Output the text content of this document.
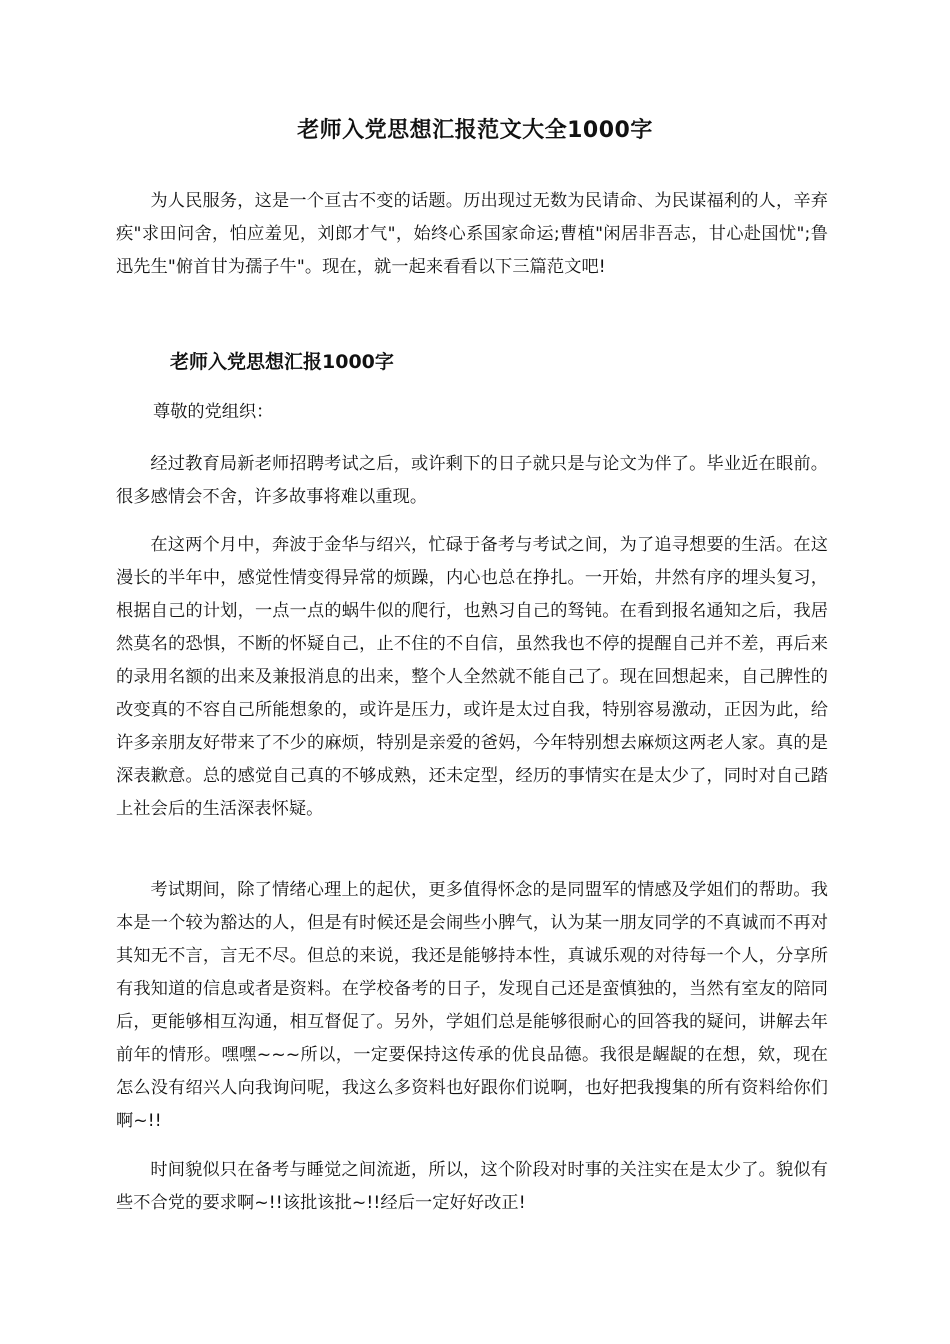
老师入党思想汇报范文大全1000字

为人民服务，这是一个亘古不变的话题。历出现过无数为民请命、为民谋福利的人，辛弃疾"求田问舍，怕应羞见，刘郎才气"，始终心系国家命运;曹植"闲居非吾志，甘心赴国忧";鲁迅先生"俯首甘为孺子牛"。现在，就一起来看看以下三篇范文吧!

老师入党思想汇报1000字

尊敬的党组织：

经过教育局新老师招聘考试之后，或许剩下的日子就只是与论文为伴了。毕业近在眼前。很多感情会不舍，许多故事将难以重现。

在这两个月中，奔波于金华与绍兴，忙碌于备考与考试之间，为了追寻想要的生活。在这漫长的半年中，感觉性情变得异常的烦躁，内心也总在挣扎。一开始，井然有序的埋头复习，根据自己的计划，一点一点的蜗牛似的爬行，也熟习自己的驽钝。在看到报名通知之后，我居然莫名的恐惧，不断的怀疑自己，止不住的不自信，虽然我也不停的提醒自己并不差，再后来的录用名额的出来及兼报消息的出来，整个人全然就不能自己了。现在回想起来，自己脾性的改变真的不容自己所能想象的，或许是压力，或许是太过自我，特别容易激动，正因为此，给许多亲朋友好带来了不少的麻烦，特别是亲爱的爸妈，今年特别想去麻烦这两老人家。真的是深表歉意。总的感觉自己真的不够成熟，还未定型，经历的事情实在是太少了，同时对自己踏上社会后的生活深表怀疑。

考试期间，除了情绪心理上的起伏，更多值得怀念的是同盟军的情感及学姐们的帮助。我本是一个较为豁达的人，但是有时候还是会闹些小脾气，认为某一朋友同学的不真诚而不再对其知无不言，言无不尽。但总的来说，我还是能够持本性，真诚乐观的对待每一个人，分享所有我知道的信息或者是资料。在学校备考的日子，发现自己还是蛮慎独的，当然有室友的陪同后，更能够相互沟通，相互督促了。另外，学姐们总是能够很耐心的回答我的疑问，讲解去年前年的情形。嘿嘿~~~所以，一定要保持这传承的优良品德。我很是龌龊的在想，欸，现在怎么没有绍兴人向我询问呢，我这么多资料也好跟你们说啊，也好把我搜集的所有资料给你们啊~!!

时间貌似只在备考与睡觉之间流逝，所以，这个阶段对时事的关注实在是太少了。貌似有些不合党的要求啊~!!该批该批~!!经后一定好好改正!
